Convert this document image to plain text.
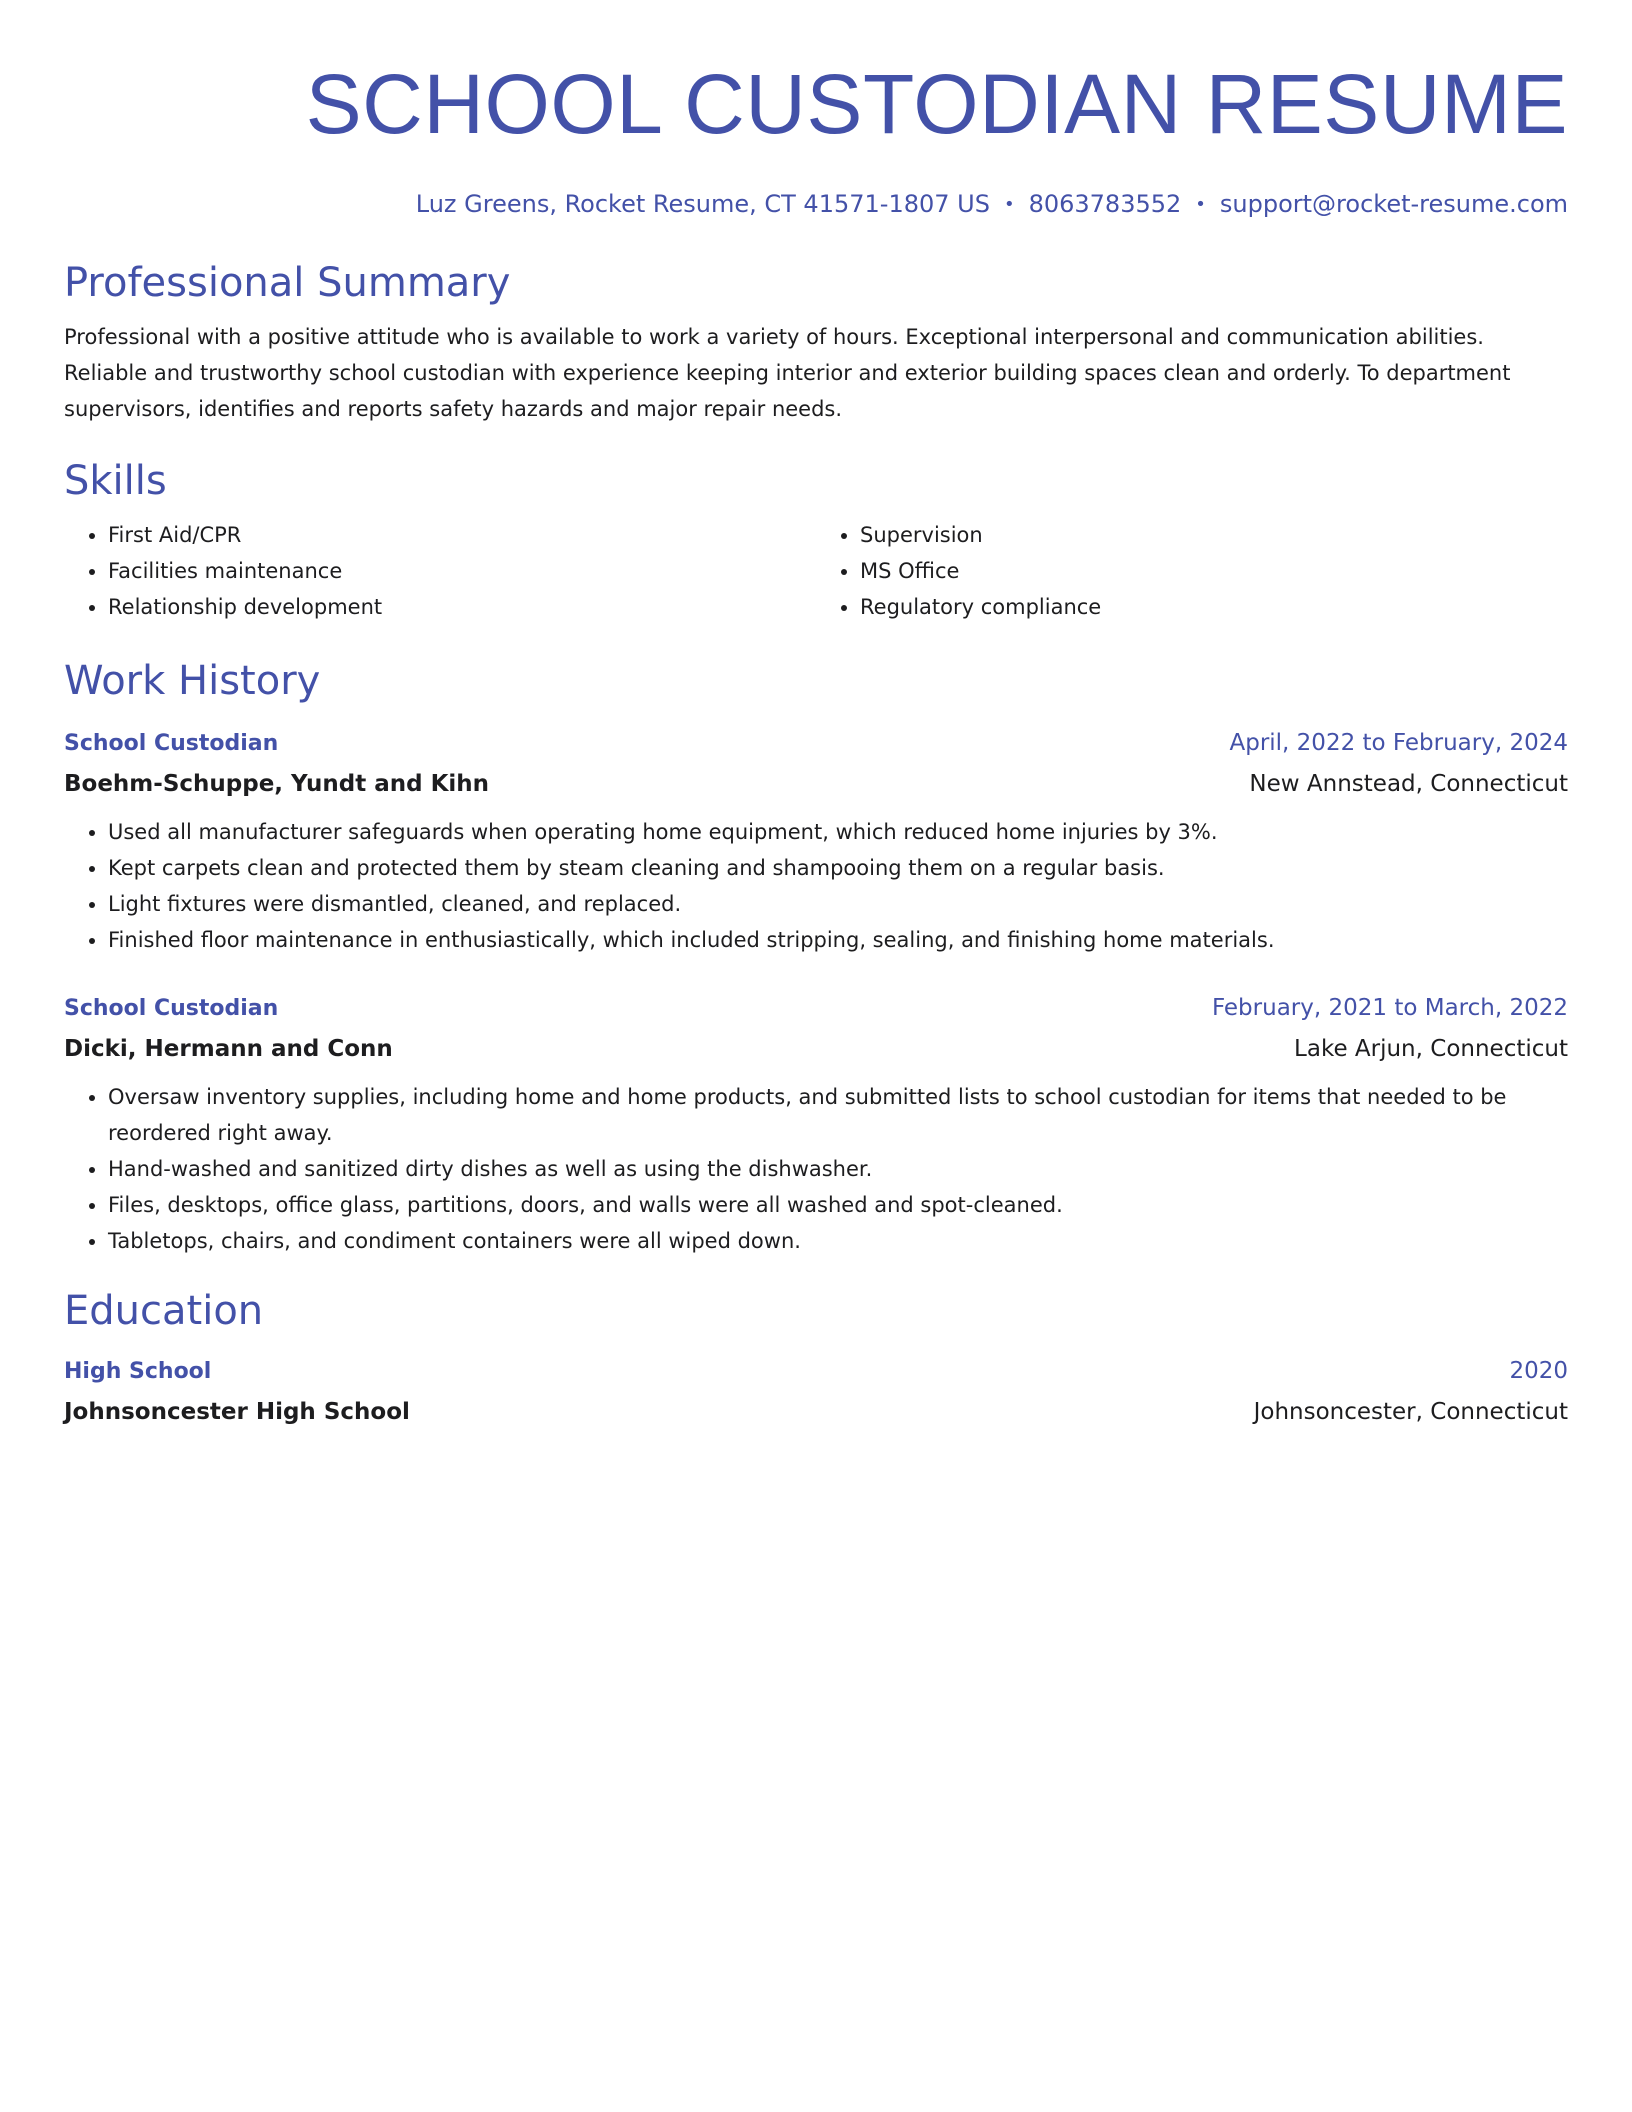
SCHOOL CUSTODIAN RESUME
Luz Greens, Rocket Resume, CT 41571-1807 US • 8063783552 • support@rocket-resume.com
Professional Summary
Professional with a positive attitude who is available to work a variety of hours. Exceptional interpersonal and communication abilities. Reliable and trustworthy school custodian with experience keeping interior and exterior building spaces clean and orderly. To department supervisors, identifies and reports safety hazards and major repair needs.
Skills
• First Aid/CPR
• Facilities maintenance
• Relationship development
• Supervision
• MS Office
• Regulatory compliance
Work History
School Custodian	April, 2022 to February, 2024
Boehm-Schuppe, Yundt and Kihn	New Annstead, Connecticut
• Used all manufacturer safeguards when operating home equipment, which reduced home injuries by 3%.
• Kept carpets clean and protected them by steam cleaning and shampooing them on a regular basis.
• Light fixtures were dismantled, cleaned, and replaced.
• Finished floor maintenance in enthusiastically, which included stripping, sealing, and finishing home materials.
School Custodian	February, 2021 to March, 2022
Dicki, Hermann and Conn	Lake Arjun, Connecticut
• Oversaw inventory supplies, including home and home products, and submitted lists to school custodian for items that needed to be reordered right away.
• Hand-washed and sanitized dirty dishes as well as using the dishwasher.
• Files, desktops, office glass, partitions, doors, and walls were all washed and spot-cleaned.
• Tabletops, chairs, and condiment containers were all wiped down.
Education
High School	2020
Johnsoncester High School	Johnsoncester, Connecticut
